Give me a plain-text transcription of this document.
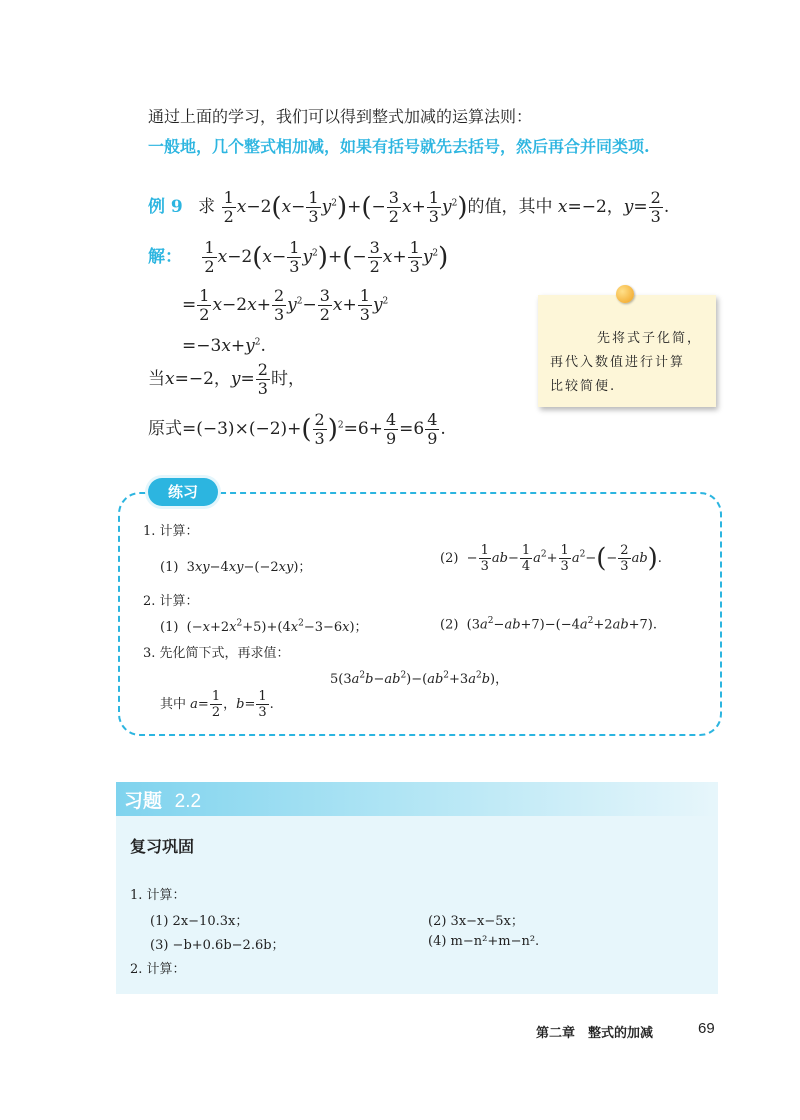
通过上面的学习，我们可以得到整式加减的运算法则：
一般地，几个整式相加减，如果有括号就先去括号，然后再合并同类项.
例 9 求 $\frac{1}{2} x-2(x- \frac{1}{3} y^2)+(- \frac{3}{2} x+ \frac{1}{3} y^2)$的值，其中 x=−2，$y= \frac{2}{3}$ .
解： $\frac{1}{2} x-2(x- \frac{1}{3} y^2)+(- \frac{3}{2} x+ \frac{1}{3} y^2)$
= $\frac{1}{2} x-2x+ \frac{2}{3} y^2- \frac{3}{2} x+ \frac{1}{3} y^2$
$=-3x+y^2$.
当x=−2，$y= \frac{2}{3}$ 时，
原式$=(-3)\times(-2)+( \frac{2}{3} )^2=6+ \frac{4}{9} =6 \frac{4}{9}$ .
先将式子化简，
再代入数值进行计算
比较简便.
练习
1. 计算：
(1)  3xy−4xy−(−2xy)；
$(2) - \frac{1}{3} ab- \frac{1}{4} a^2+ \frac{1}{3} a^2-(- \frac{2}{3} ab)$.
2. 计算：
(1)  $(-x+2x^2+5)+(4x^2-3-6x)$；	(2)  $(3a^2-ab+7)-(-4a^2+2ab+7)$.
3. 先化简下式，再求值：
$5(3a^2b-ab^2)-(ab^2+3a^2b)$，
其中 $a= \frac{1}{2}$ ，$b= \frac{1}{3}$ .
习题 2.2
复习巩固
1. 计算：
(1) 2x−10.3x；	(2) 3x−x−5x；
(3) −b+0.6b−2.6b；	(4) m−n²+m−n².
2. 计算：
第二章　整式的加减	69
